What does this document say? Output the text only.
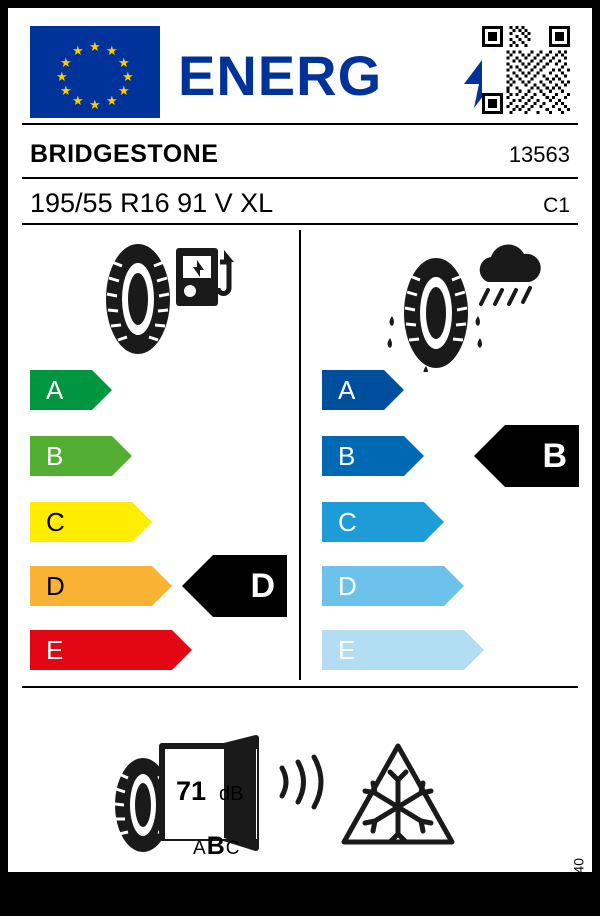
★
★ ★
★	★
★	★
★	★
★ ★
★ ENERG
BRIDGESTONE	13563
195/55 R16 91 V XL	C1
A
B
C
D
E
D
A
B
C
D
E
B
71 dB
ABC
2020/740
